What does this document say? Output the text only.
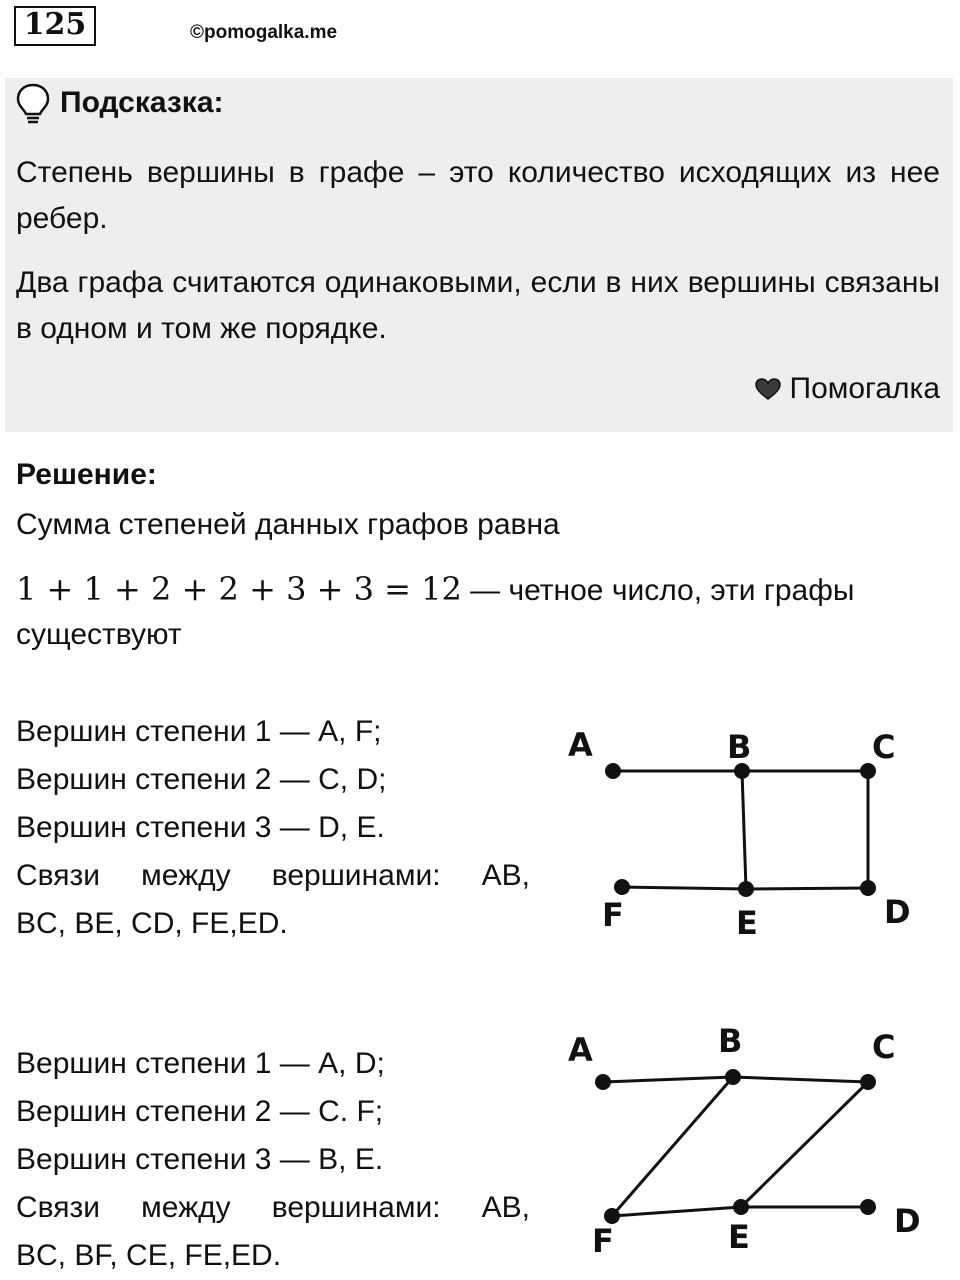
125	©pomogalka.me
Подсказка:
Степень вершины в графе – это количество исходящих из нее ребер.
Два графа считаются одинаковыми, если в них вершины связаны в одном и том же порядке.
Помогалка
Решение:
Сумма степеней данных графов равна
1 + 1 + 2 + 2 + 3 + 3 = 12 — четное число, эти графы
существуют
Вершин степени 1 — A, F;
Вершин степени 2 — C, D;
Вершин степени 3 — D, E.
Связи между вершинами: AB,
BC, BE, CD, FE,ED.
A	B	C
D
E
F
Вершин степени 1 — A, D;
Вершин степени 2 — C. F;
Вершин степени 3 — B, E.
Связи между вершинами: AB,
BC, BF, CE, FE,ED.
A	B	C
D
E
F
